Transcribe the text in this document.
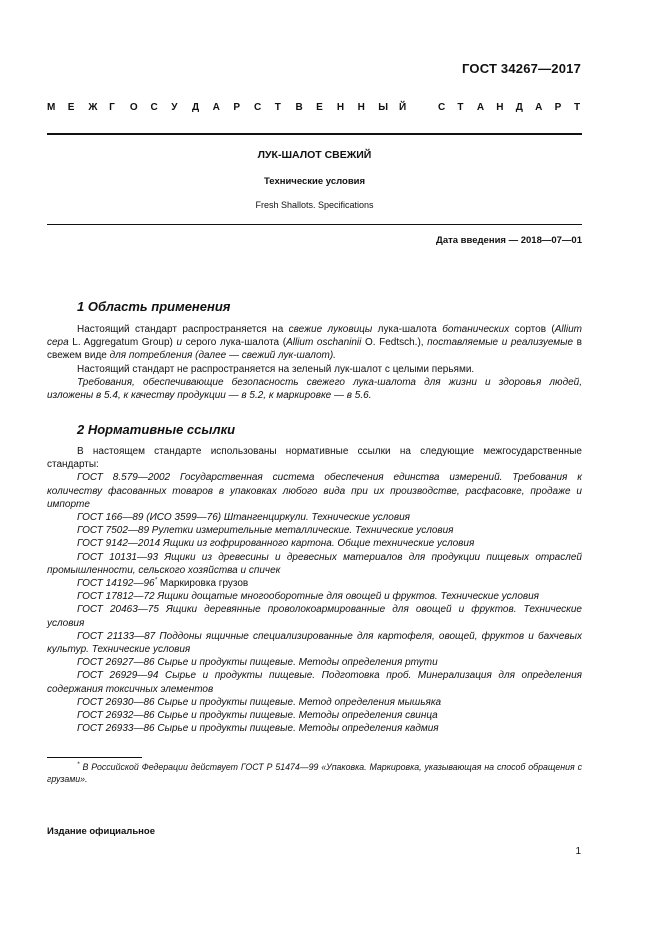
ГОСТ 34267—2017
М Е Ж Г О С У Д А Р С Т В Е Н Н Ы Й	С Т А Н Д А Р Т
ЛУК-ШАЛОТ СВЕЖИЙ
Технические условия
Fresh Shallots. Specifications
Дата введения — 2018—07—01
1 Область применения

Настоящий стандарт распространяется на свежие луковицы лука-шалота ботанических сортов (Allium cepa L. Aggregatum Group) и серого лука-шалота (Allium oschaninii O. Fedtsch.), поставляемые и реализуемые в свежем виде для потребления (далее — свежий лук-шалот).

Настоящий стандарт не распространяется на зеленый лук-шалот с целыми перьями.

Требования, обеспечивающие безопасность свежего лука-шалота для жизни и здоровья людей, изложены в 5.4, к качеству продукции — в 5.2, к маркировке — в 5.6.

2 Нормативные ссылки

В настоящем стандарте использованы нормативные ссылки на следующие межгосударственные стандарты:

ГОСТ 8.579—2002 Государственная система обеспечения единства измерений. Требования к количеству фасованных товаров в упаковках любого вида при их производстве, расфасовке, продаже и импорте

ГОСТ 166—89 (ИСО 3599—76) Штангенциркули. Технические условия

ГОСТ 7502—89 Рулетки измерительные металлические. Технические условия

ГОСТ 9142—2014 Ящики из гофрированного картона. Общие технические условия

ГОСТ 10131—93 Ящики из древесины и древесных материалов для продукции пищевых отраслей промышленности, сельского хозяйства и спичек

ГОСТ 14192—96* Маркировка грузов

ГОСТ 17812—72 Ящики дощатые многооборотные для овощей и фруктов. Технические условия

ГОСТ 20463—75 Ящики деревянные проволокоармированные для овощей и фруктов. Технические условия

ГОСТ 21133—87 Поддоны ящичные специализированные для картофеля, овощей, фруктов и бахчевых культур. Технические условия

ГОСТ 26927—86 Сырье и продукты пищевые. Методы определения ртути

ГОСТ 26929—94 Сырье и продукты пищевые. Подготовка проб. Минерализация для определения содержания токсичных элементов

ГОСТ 26930—86 Сырье и продукты пищевые. Метод определения мышьяка

ГОСТ 26932—86 Сырье и продукты пищевые. Методы определения свинца

ГОСТ 26933—86 Сырье и продукты пищевые. Методы определения кадмия

* В Российской Федерации действует ГОСТ Р 51474—99 «Упаковка. Маркировка, указывающая на способ обращения с грузами».

Издание официальное
1
